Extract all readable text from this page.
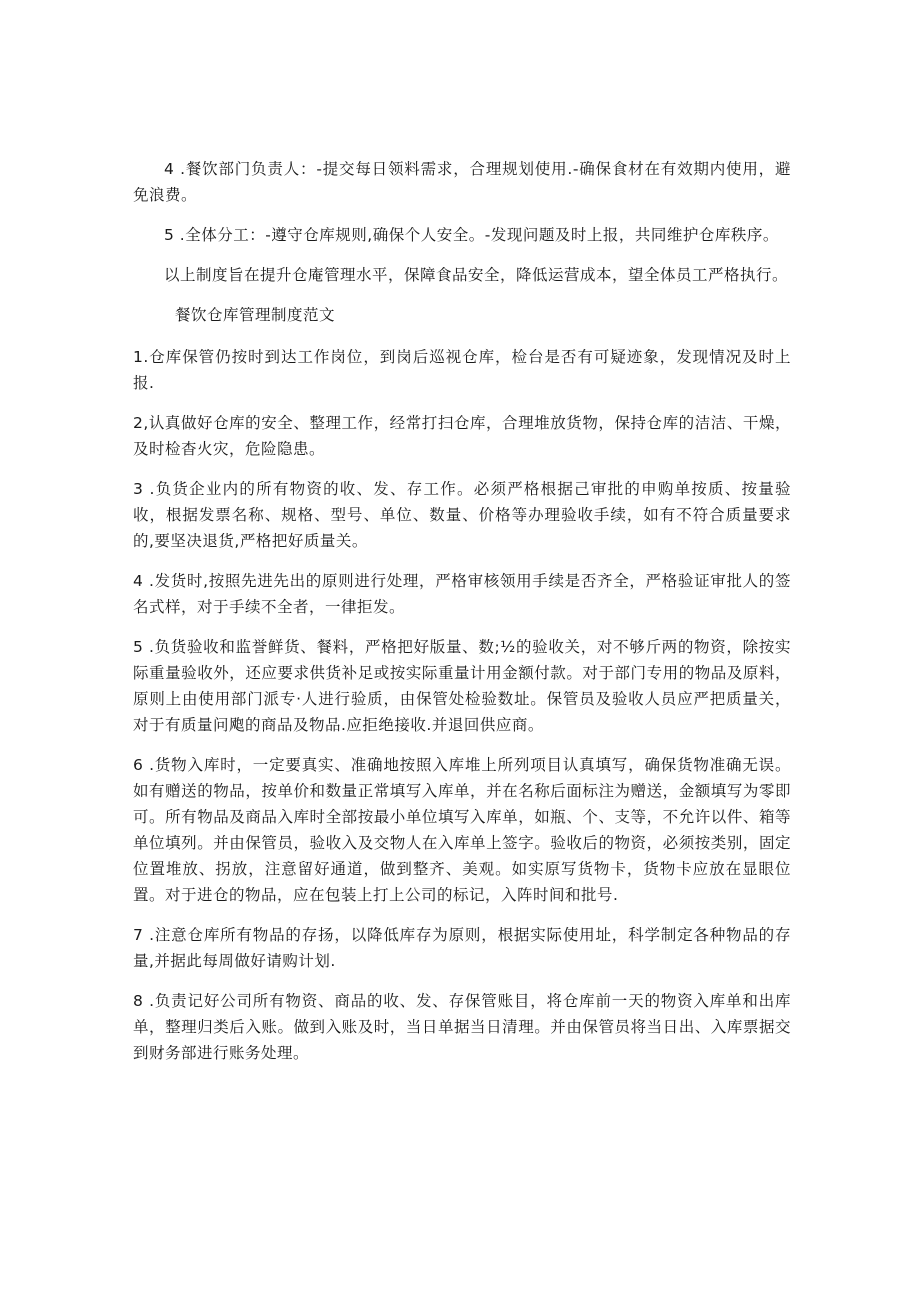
4 .餐饮部门负责人：-提交每日领料需求，合理规划使用.-确保食材在有效期内使用，避免浪费。

5 .全体分工：-遵守仓库规则,确保个人安全。-发现问题及时上报，共同维护仓库秩序。

以上制度旨在提升仓庵管理水平，保障食品安全，降低运营成本，望全体员工严格执行。

餐饮仓库管理制度范文

1.仓库保管仍按时到达工作岗位，到岗后巡视仓库，检台是否有可疑迹象，发现情况及时上报.

2,认真做好仓库的安全、整理工作，经常打扫仓库，合理堆放货物，保持仓库的洁洁、干燥，及时检杳火灾，危险隐患。

3 .负货企业内的所有物资的收、发、存工作。必须严格根据己审批的申购单按质、按量验收，根据发票名称、规格、型号、单位、数量、价格等办理验收手续，如有不符合质量要求的,要坚决退货,严格把好质量关。

4 .发货时,按照先进先出的原则进行处理，严格审核领用手续是否齐全，严格验证审批人的签名式样，对于手续不全者，一律拒发。

5 .负货验收和监誉鲜货、餐料，严格把好版量、数;½的验收关，对不够斤两的物资，除按实际重量验收外，还应要求供货补足或按实际重量计用金额付款。对于部门专用的物品及原料，原则上由使用部门派专·人进行验质，由保管处检验数址。保管员及验收人员应严把质量关，对于有质量问飑的商品及物品.应拒绝接收.并退回供应商。

6 .货物入库时，一定要真实、准确地按照入库堆上所列项目认真填写，确保货物准确无误。如有赠送的物品，按单价和数量正常填写入库单，并在名称后面标注为赠送，金额填写为零即可。所有物品及商品入库时全部按最小单位填写入库单，如瓶、个、支等，不允许以件、箱等单位填列。并由保管员，验收入及交物人在入库单上签字。验收后的物资，必须按类别，固定位置堆放、拐放，注意留好通道，做到整齐、美观。如实原写货物卡，货物卡应放在显眼位置。对于进仓的物品，应在包装上打上公司的标记，入阵时间和批号.

7 .注意仓库所有物品的存扬，以降低库存为原则，根据实际使用址，科学制定各种物品的存量,并据此每周做好请购计划.

8 .负责记好公司所有物资、商品的收、发、存保管账目，将仓库前一天的物资入库单和出库单，整理归类后入账。做到入账及时，当日单据当日清理。并由保管员将当日出、入库票据交到财务部进行账务处理。
